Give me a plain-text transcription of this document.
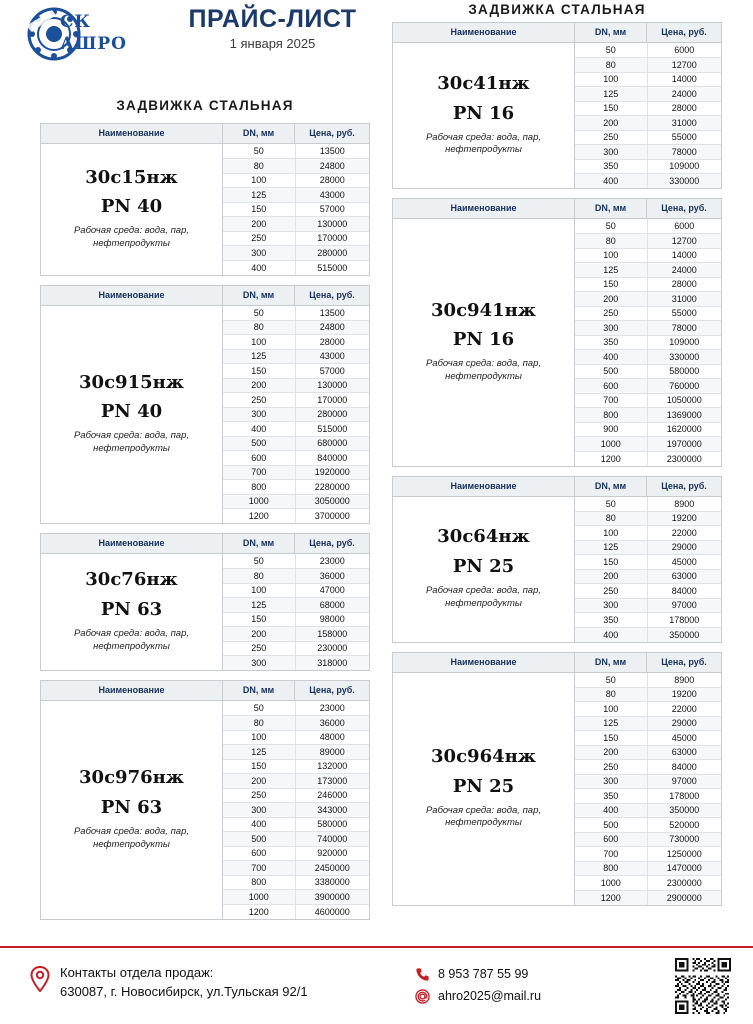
СК
АШРО
ПРАЙС-ЛИСТ
1 января 2025
ЗАДВИЖКА СТАЛЬНАЯ
ЗАДВИЖКА СТАЛЬНАЯ
Наименование	DN, мм	Цена, руб.
30с15нж
PN 40
Рабочая среда: вода, пар, нефтепродукты
50	13500
80	24800
100	28000
125	43000
150	57000
200	130000
250	170000
300	280000
400	515000
Наименование	DN, мм	Цена, руб.
30с915нж
PN 40
Рабочая среда: вода, пар, нефтепродукты
50	13500
80	24800
100	28000
125	43000
150	57000
200	130000
250	170000
300	280000
400	515000
500	680000
600	840000
700	1920000
800	2280000
1000	3050000
1200	3700000
Наименование	DN, мм	Цена, руб.
30с76нж
PN 63
Рабочая среда: вода, пар, нефтепродукты
50	23000
80	36000
100	47000
125	68000
150	98000
200	158000
250	230000
300	318000
Наименование	DN, мм	Цена, руб.
30с976нж
PN 63
Рабочая среда: вода, пар, нефтепродукты
50	23000
80	36000
100	48000
125	89000
150	132000
200	173000
250	246000
300	343000
400	580000
500	740000
600	920000
700	2450000
800	3380000
1000	3900000
1200	4600000
Наименование	DN, мм	Цена, руб.
30с41нж
PN 16
Рабочая среда: вода, пар, нефтепродукты
50	6000
80	12700
100	14000
125	24000
150	28000
200	31000
250	55000
300	78000
350	109000
400	330000
Наименование	DN, мм	Цена, руб.
30с941нж
PN 16
Рабочая среда: вода, пар, нефтепродукты
50	6000
80	12700
100	14000
125	24000
150	28000
200	31000
250	55000
300	78000
350	109000
400	330000
500	580000
600	760000
700	1050000
800	1369000
900	1620000
1000	1970000
1200	2300000
Наименование	DN, мм	Цена, руб.
30с64нж
PN 25
Рабочая среда: вода, пар, нефтепродукты
50	8900
80	19200
100	22000
125	29000
150	45000
200	63000
250	84000
300	97000
350	178000
400	350000
Наименование	DN, мм	Цена, руб.
30с964нж
PN 25
Рабочая среда: вода, пар, нефтепродукты
50	8900
80	19200
100	22000
125	29000
150	45000
200	63000
250	84000
300	97000
350	178000
400	350000
500	520000
600	730000
700	1250000
800	1470000
1000	2300000
1200	2900000
Контакты отдела продаж:
630087, г. Новосибирск, ул.Тульская 92/1
8 953 787 55 99
ahro2025@mail.ru
